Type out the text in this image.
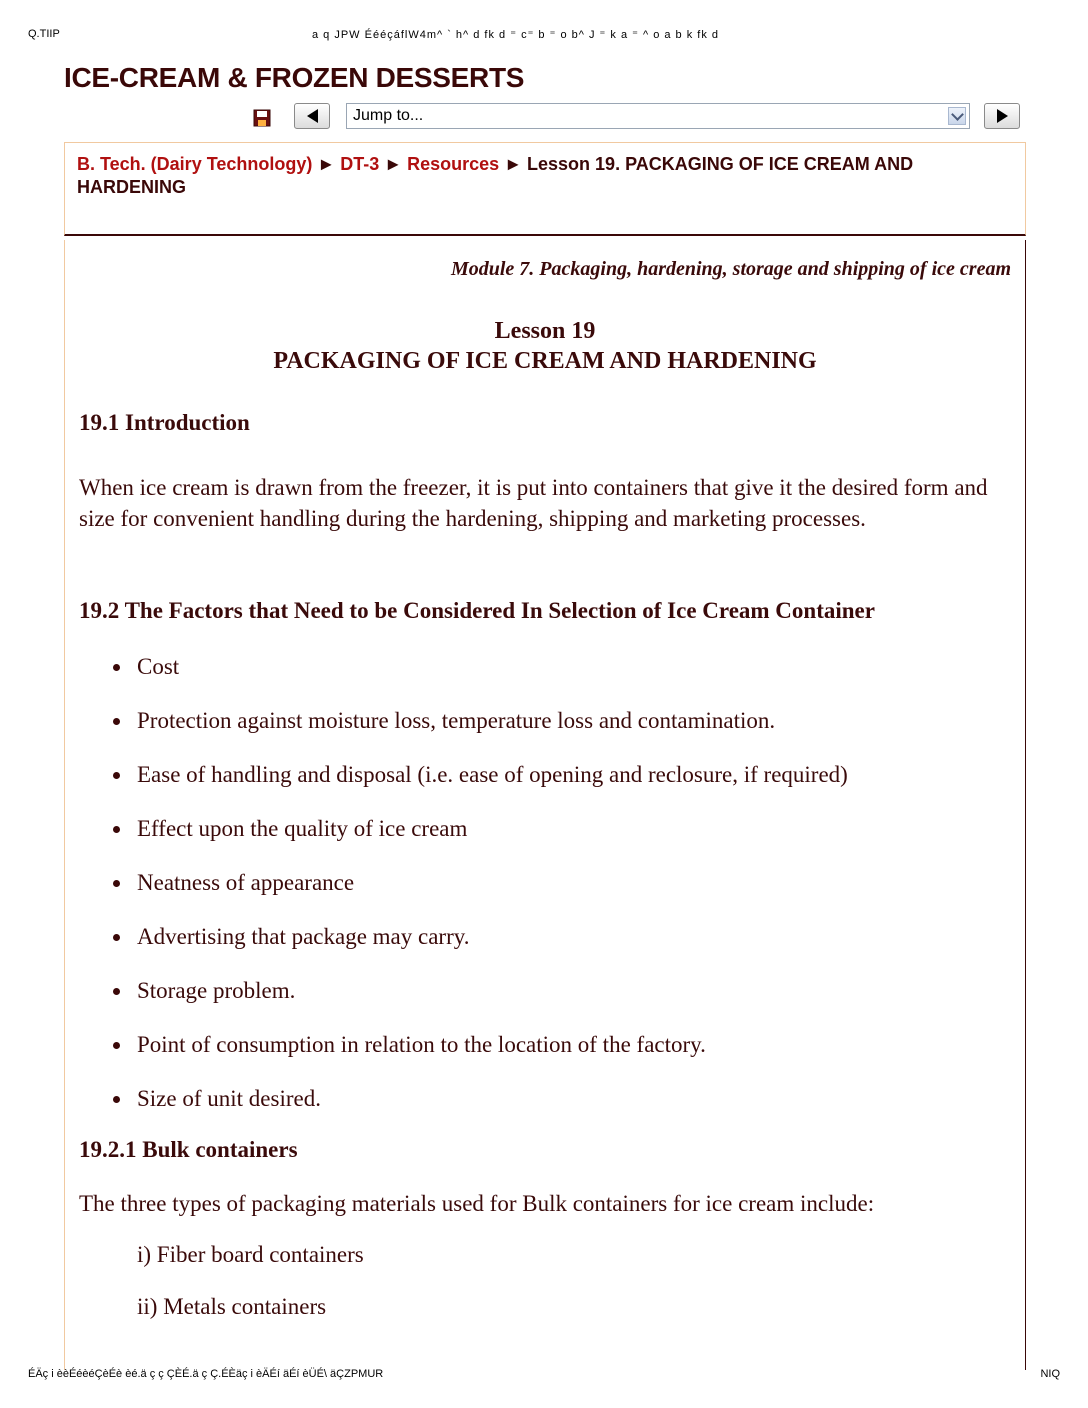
Q.TIIP	a q JPW ÉééçáflW4m^ ` h^ d fk d ⁼ c⁼ b ⁼ o b^ J ⁼ k a ⁼ ^ o a b k fk d
ICE-CREAM & FROZEN DESSERTS
Jump to...
B. Tech. (Dairy Technology) ► DT-3 ► Resources ► Lesson 19. PACKAGING OF ICE CREAM AND HARDENING
Module 7. Packaging, hardening, storage and shipping of ice cream
Lesson 19
PACKAGING OF ICE CREAM AND HARDENING
19.1 Introduction
When ice cream is drawn from the freezer, it is put into containers that give it the desired form and size for convenient handling during the hardening, shipping and marketing processes.
19.2 The Factors that Need to be Considered In Selection of Ice Cream Container
Cost
Protection against moisture loss, temperature loss and contamination.
Ease of handling and disposal (i.e. ease of opening and reclosure, if required)
Effect upon the quality of ice cream
Neatness of appearance
Advertising that package may carry.
Storage problem.
Point of consumption in relation to the location of the factory.
Size of unit desired.
19.2.1 Bulk containers
The three types of packaging materials used for Bulk containers for ice cream include:
i) Fiber board containers
ii) Metals containers
ÉÄç i èèÉéèéÇèÉè èé.ä ç ç ÇÈÉ.ä ç Ç.ÉÈäç i èÄÉí äÉí èÜÉ\ äÇZPMUR	NIQ
